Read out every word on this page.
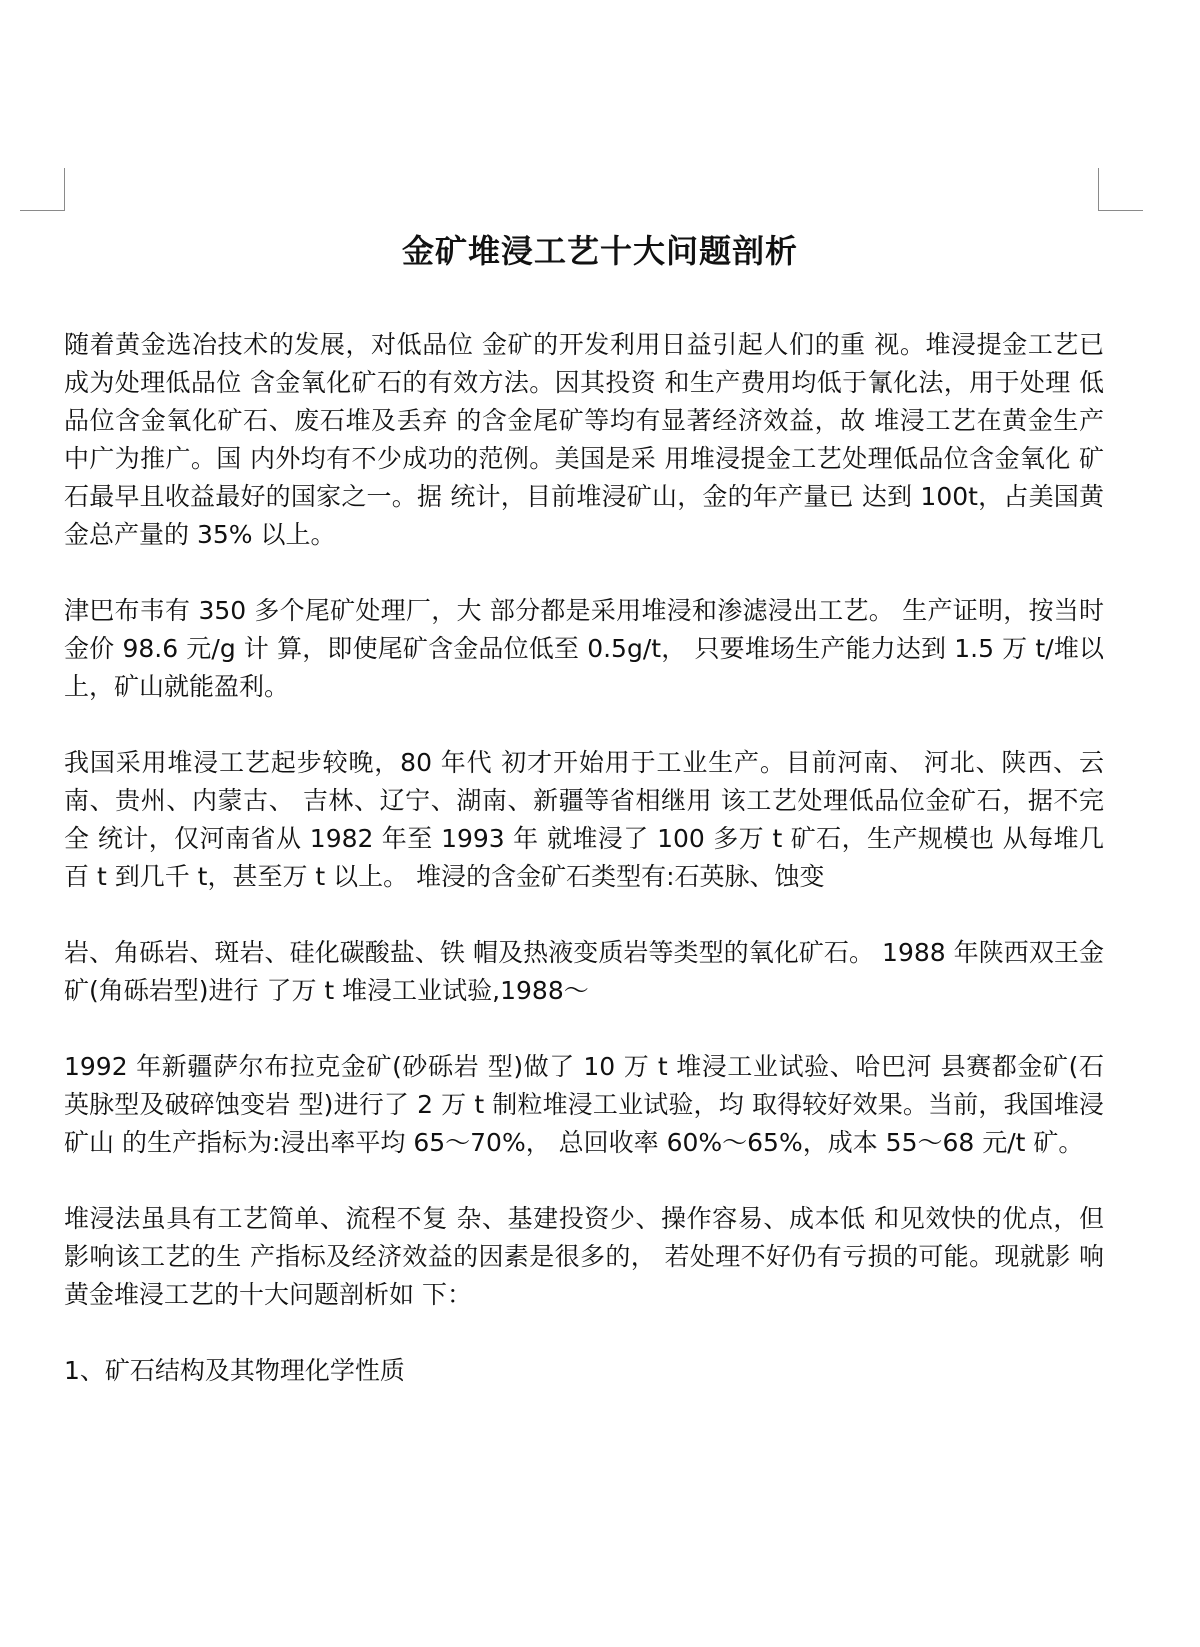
金矿堆浸工艺十大问题剖析

随着黄金选冶技术的发展，对低品位 金矿的开发利用日益引起人们的重 视。堆浸提金工艺已成为处理低品位 含金氧化矿石的有效方法。因其投资 和生产费用均低于氰化法，用于处理 低品位含金氧化矿石、废石堆及丢弃 的含金尾矿等均有显著经济效益，故 堆浸工艺在黄金生产中广为推广。国 内外均有不少成功的范例。美国是采 用堆浸提金工艺处理低品位含金氧化 矿石最早且收益最好的国家之一。据 统计，目前堆浸矿山，金的年产量已 达到 100t，占美国黄金总产量的 35% 以上。

津巴布韦有 350 多个尾矿处理厂，大 部分都是采用堆浸和渗滤浸出工艺。 生产证明，按当时金价 98.6 元/g 计 算，即使尾矿含金品位低至 0.5g/t， 只要堆场生产能力达到 1.5 万 t/堆以 上，矿山就能盈利。

我国采用堆浸工艺起步较晚，80 年代 初才开始用于工业生产。目前河南、 河北、陕西、云南、贵州、内蒙古、 吉林、辽宁、湖南、新疆等省相继用 该工艺处理低品位金矿石，据不完全 统计，仅河南省从 1982 年至 1993 年 就堆浸了 100 多万 t 矿石，生产规模也 从每堆几百 t 到几千 t，甚至万 t 以上。 堆浸的含金矿石类型有:石英脉、蚀变

岩、角砾岩、斑岩、硅化碳酸盐、铁 帽及热液变质岩等类型的氧化矿石。 1988 年陕西双王金矿(角砾岩型)进行 了万 t 堆浸工业试验,1988～

1992 年新疆萨尔布拉克金矿(砂砾岩 型)做了 10 万 t 堆浸工业试验、哈巴河 县赛都金矿(石英脉型及破碎蚀变岩 型)进行了 2 万 t 制粒堆浸工业试验，均 取得较好效果。当前，我国堆浸矿山 的生产指标为:浸出率平均 65～70%， 总回收率 60%～65%，成本 55～68 元/t 矿。

堆浸法虽具有工艺简单、流程不复 杂、基建投资少、操作容易、成本低 和见效快的优点，但影响该工艺的生 产指标及经济效益的因素是很多的， 若处理不好仍有亏损的可能。现就影 响黄金堆浸工艺的十大问题剖析如 下：

1、矿石结构及其物理化学性质
